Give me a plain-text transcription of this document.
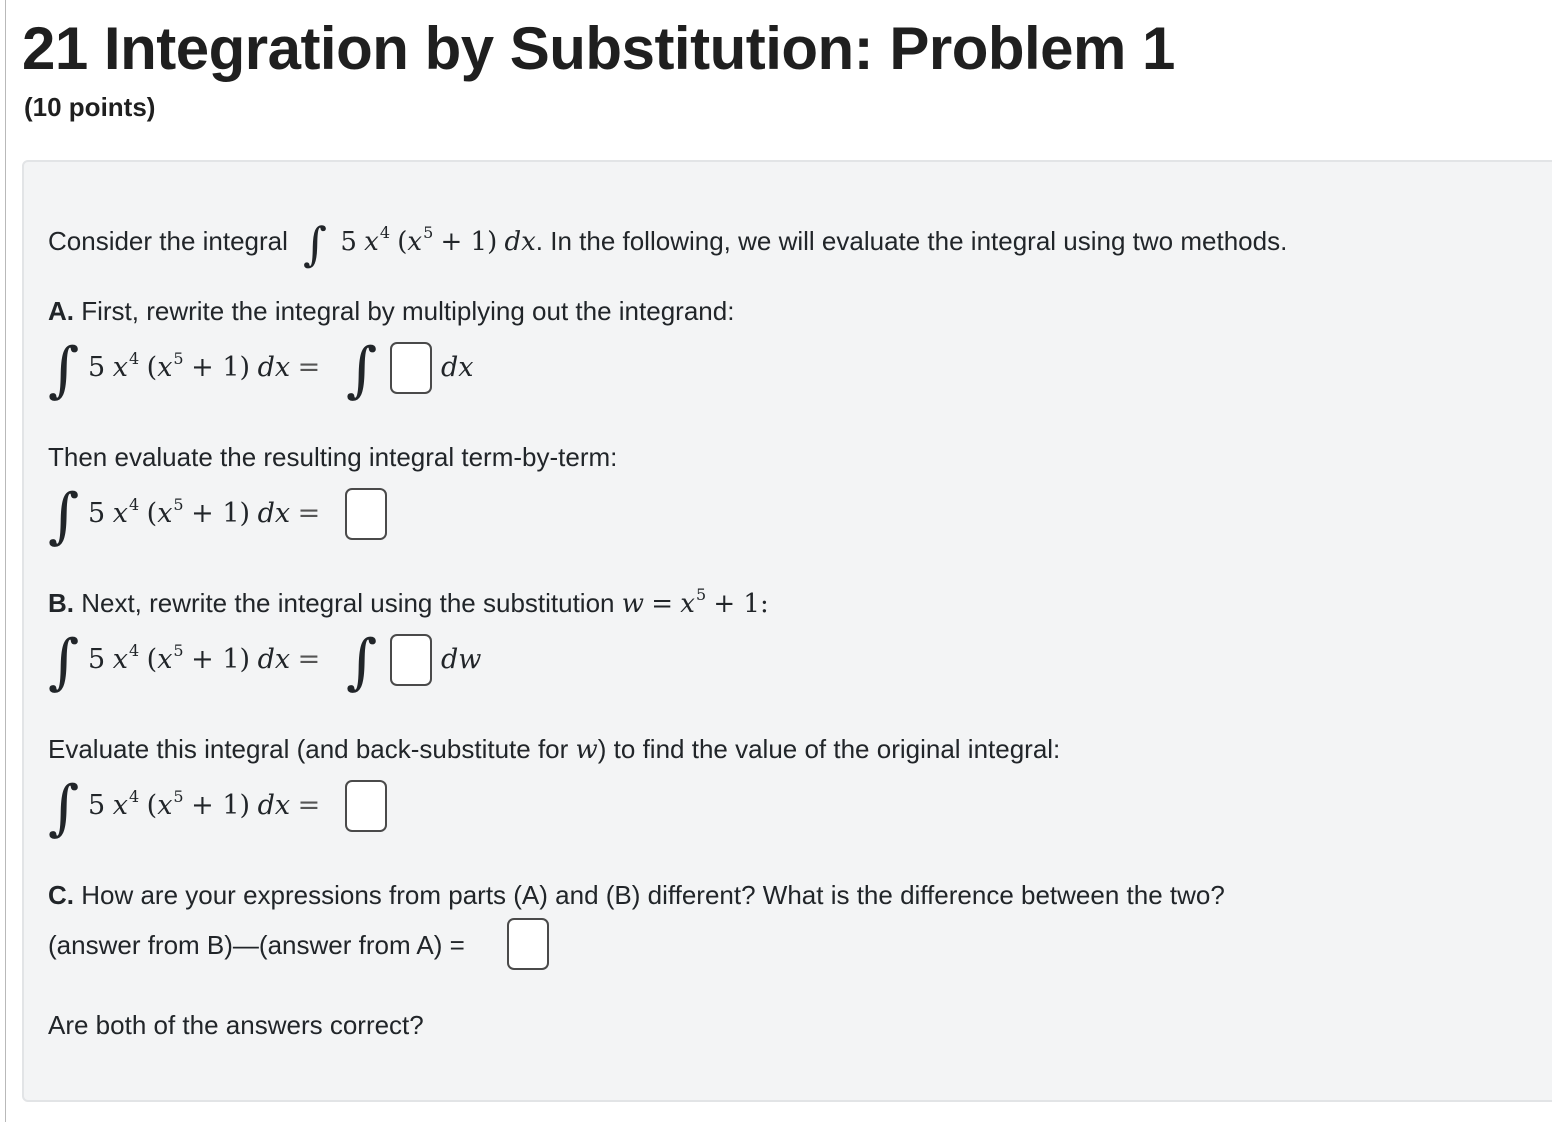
21 Integration by Substitution: Problem 1
(10 points)
Consider the integral ∫ 5 $x^4$ $(x^5 + 1)$ dx. In the following, we will evaluate the integral using two methods.
A. First, rewrite the integral by multiplying out the integrand:
∫ 5 $x^4$ $(x^5 + 1)$ dx = ∫ dx
Then evaluate the resulting integral term-by-term:
∫ 5 $x^4$ $(x^5 + 1)$ dx =
B. Next, rewrite the integral using the substitution $w = x^5 + 1$:
∫ 5 $x^4$ $(x^5 + 1)$ dx = ∫ dw
Evaluate this integral (and back-substitute for w) to find the value of the original integral:
∫ 5 $x^4$ $(x^5 + 1)$ dx =
C. How are your expressions from parts (A) and (B) different? What is the difference between the two?
(answer from B)—(answer from A) =
Are both of the answers correct?
